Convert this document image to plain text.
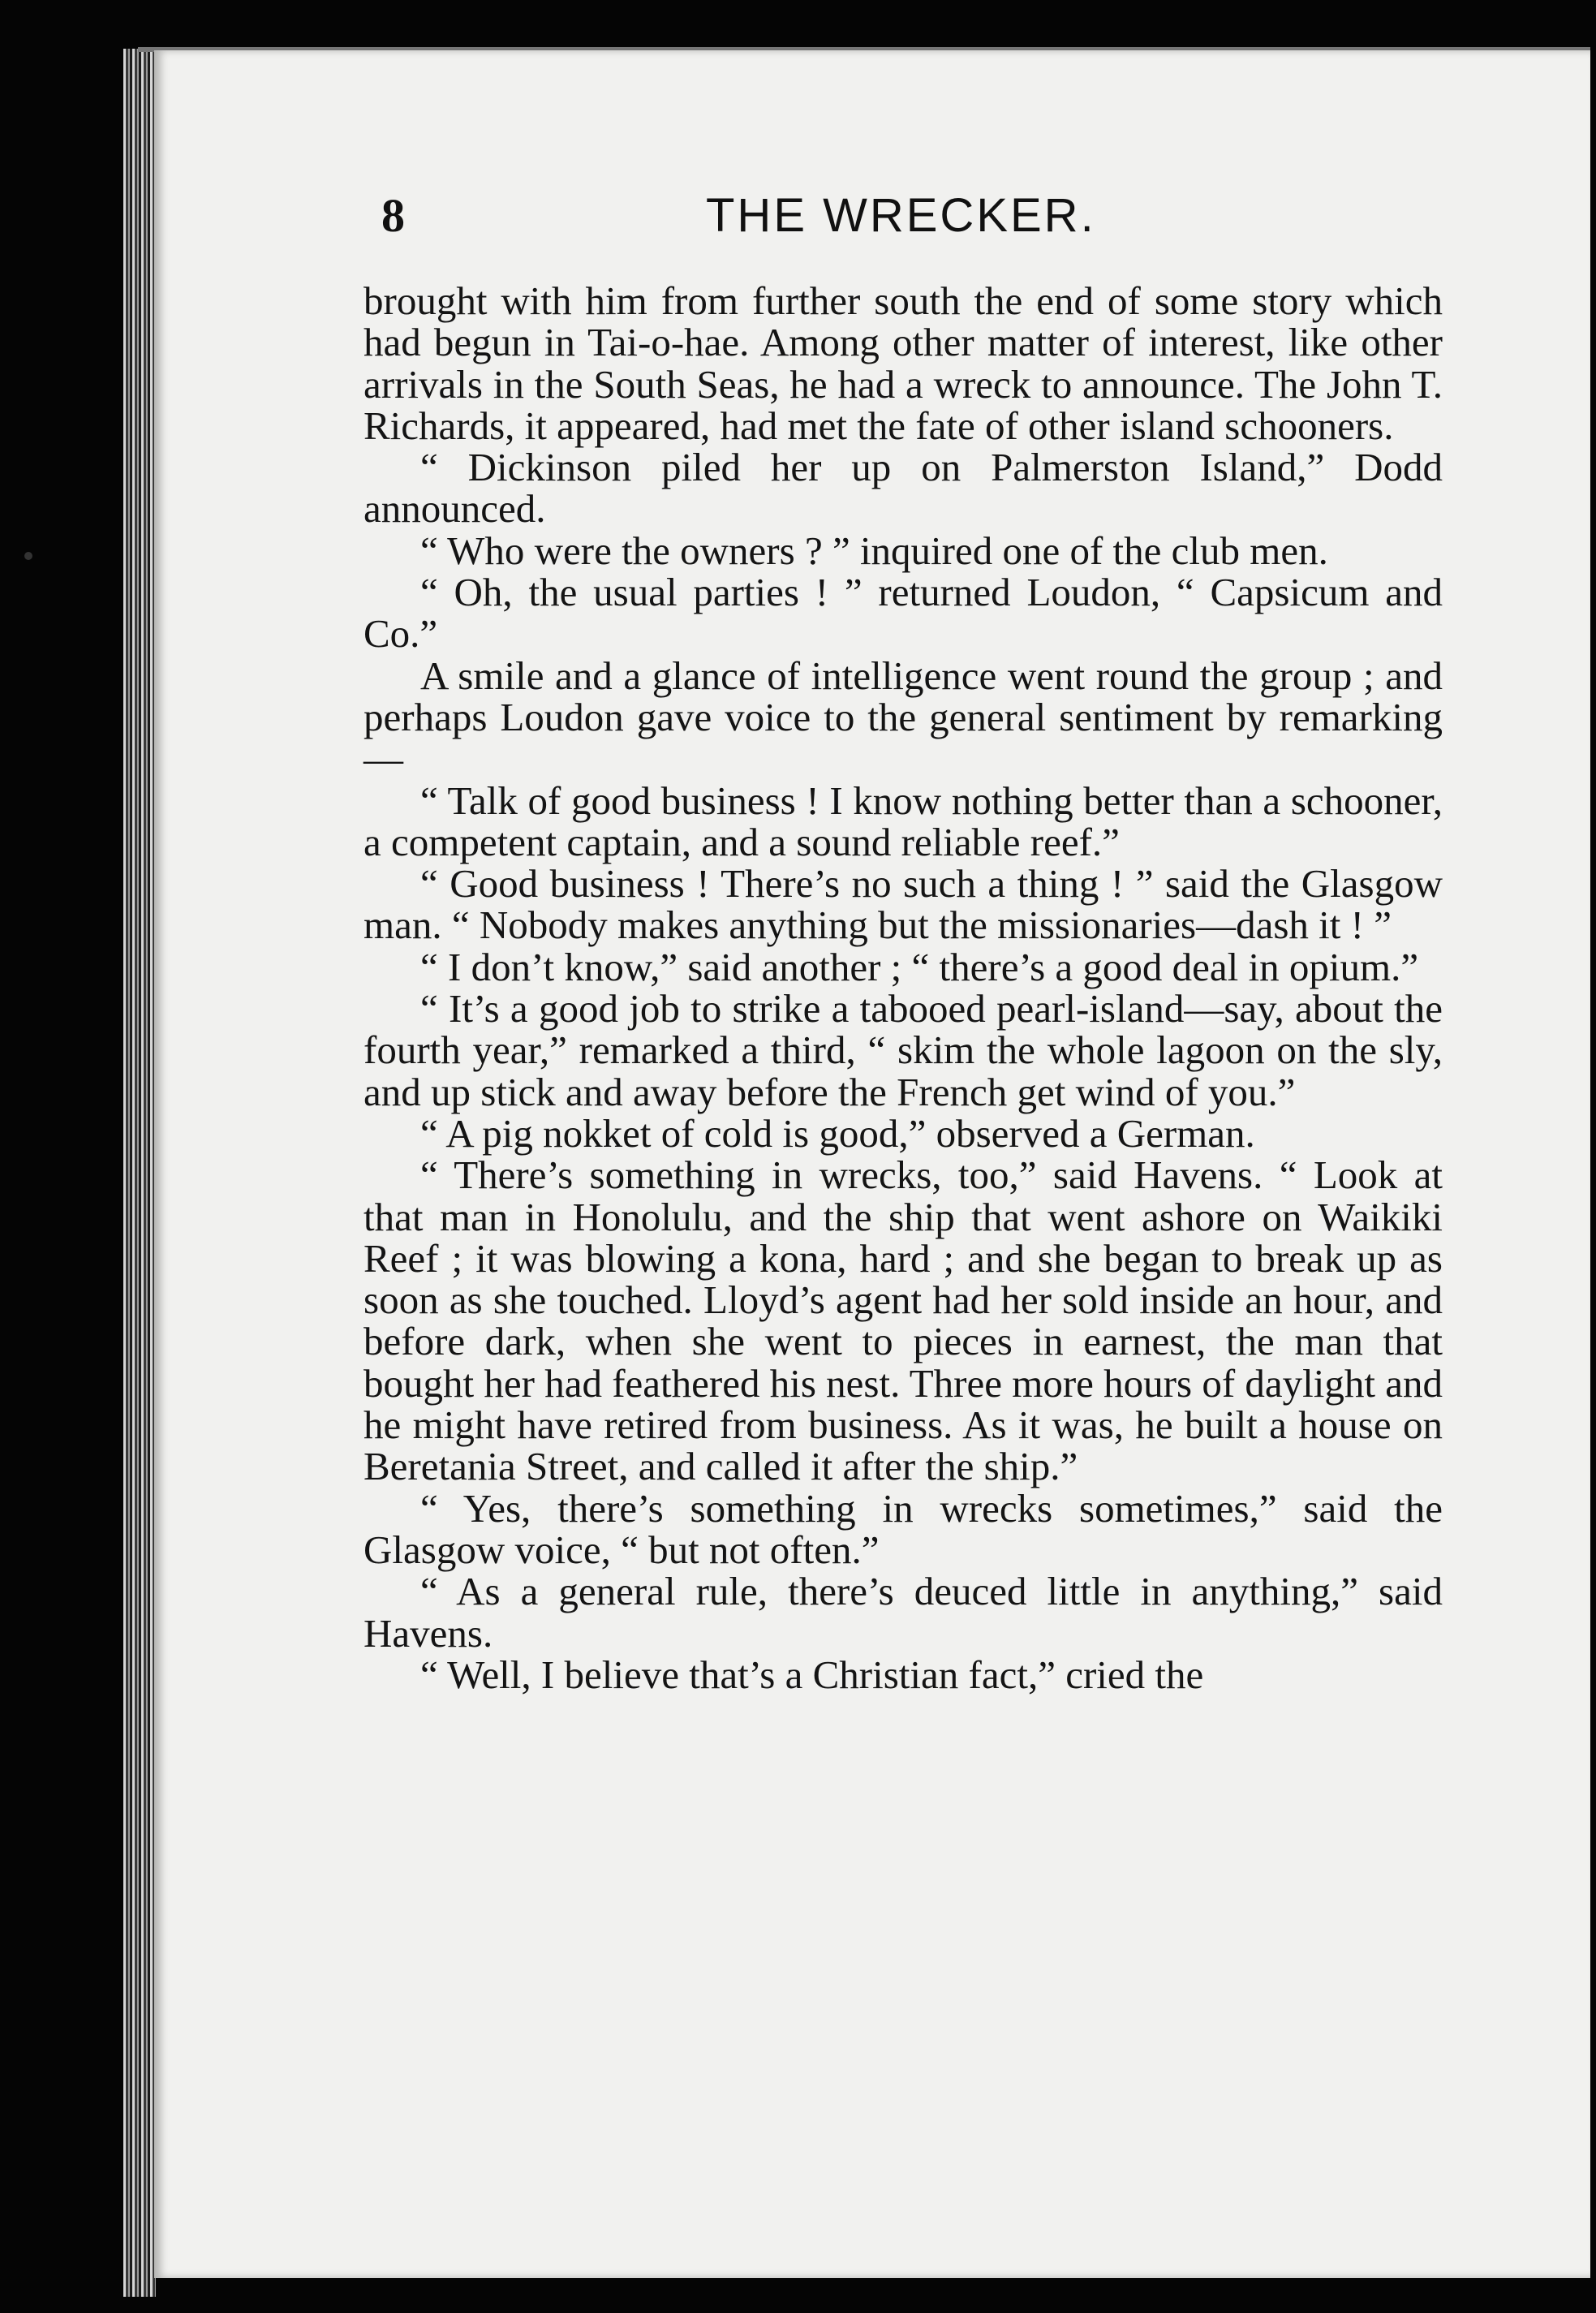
8	THE WRECKER.

brought with him from further south the end of some story which had begun in Tai-o-hae. Among other matter of interest, like other arrivals in the South Seas, he had a wreck to announce. The John T. Richards, it appeared, had met the fate of other island schooners.

“ Dickinson piled her up on Palmerston Island,” Dodd announced.

“ Who were the owners ? ” inquired one of the club men.

“ Oh, the usual parties ! ” returned Loudon, “ Capsicum and Co.”

A smile and a glance of intelligence went round the group ; and perhaps Loudon gave voice to the general sentiment by remarking—

“ Talk of good business ! I know nothing better than a schooner, a competent captain, and a sound reliable reef.”

“ Good business ! There’s no such a thing ! ” said the Glasgow man. “ Nobody makes anything but the missionaries—dash it ! ”

“ I don’t know,” said another ; “ there’s a good deal in opium.”

“ It’s a good job to strike a tabooed pearl-island—say, about the fourth year,” remarked a third, “ skim the whole lagoon on the sly, and up stick and away before the French get wind of you.”

“ A pig nokket of cold is good,” observed a German.

“ There’s something in wrecks, too,” said Havens. “ Look at that man in Honolulu, and the ship that went ashore on Waikiki Reef ; it was blowing a kona, hard ; and she began to break up as soon as she touched. Lloyd’s agent had her sold inside an hour, and before dark, when she went to pieces in earnest, the man that bought her had feathered his nest. Three more hours of daylight and he might have retired from business. As it was, he built a house on Beretania Street, and called it after the ship.”

“ Yes, there’s something in wrecks sometimes,” said the Glasgow voice, “ but not often.”

“ As a general rule, there’s deuced little in anything,” said Havens.

“ Well, I believe that’s a Christian fact,” cried the
